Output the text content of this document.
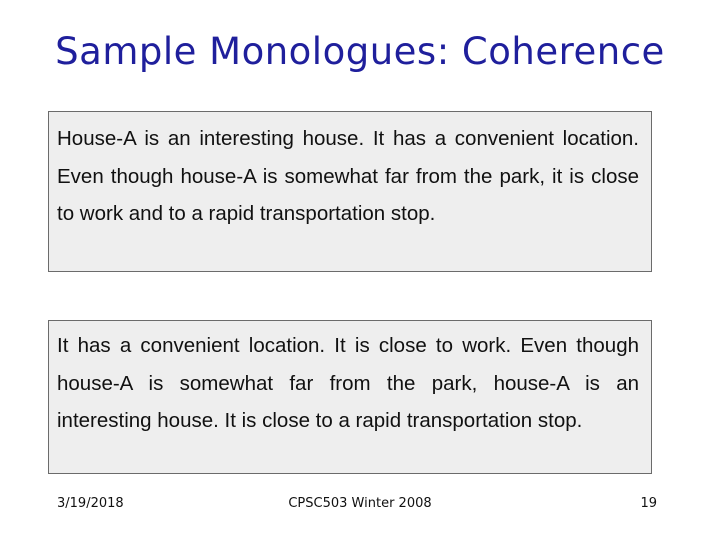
Sample Monologues: Coherence
House-A is an interesting house. It has a convenient location. Even though house-A is somewhat far from the park, it is close to work and to a rapid transportation stop.
It has a convenient location. It is close to work. Even though house-A is somewhat far from the park, house-A is an interesting house. It is close to a rapid transportation stop.
3/19/2018	CPSC503 Winter 2008	19
